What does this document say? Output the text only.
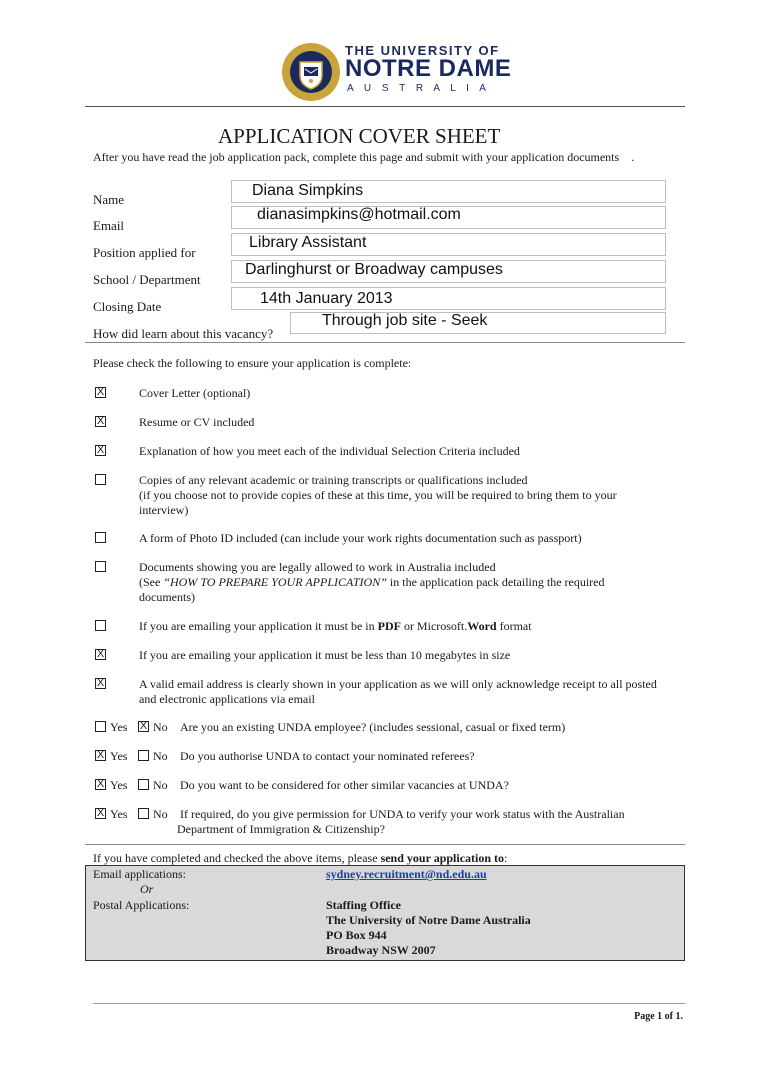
THE UNIVERSITY OF
NOTRE DAME
A U S T R A L I A
APPLICATION COVER SHEET
After you have read the job application pack, complete this page and submit with your application documents .
Name
Diana Simpkins
Email
dianasimpkins@hotmail.com
Position applied for
Library Assistant
School / Department
Darlinghurst or Broadway campuses
Closing Date	14th January 2013
How did learn about this vacancy?
Through job site - Seek
Please check the following to ensure your application is complete:
X	Cover Letter (optional)
X	Resume or CV included
X	Explanation of how you meet each of the individual Selection Criteria included
Copies of any relevant academic or training transcripts or qualifications included
(if you choose not to provide copies of these at this time, you will be required to bring them to your
interview)
A form of Photo ID included (can include your work rights documentation such as passport)
Documents showing you are legally allowed to work in Australia included
(See “HOW TO PREPARE YOUR APPLICATION” in the application pack detailing the required
documents)
If you are emailing your application it must be in PDF or Microsoft.Word format
X	If you are emailing your application it must be less than 10 megabytes in size
X	A valid email address is clearly shown in your application as we will only acknowledge receipt to all posted
and electronic applications via email
Yes X No Are you an existing UNDA employee? (includes sessional, casual or fixed term)
X Yes No Do you authorise UNDA to contact your nominated referees?
X Yes No Do you want to be considered for other similar vacancies at UNDA?
X Yes No If required, do you give permission for UNDA to verify your work status with the Australian
Department of Immigration & Citizenship?
If you have completed and checked the above items, please send your application to:
Email applications:	sydney.recruitment@nd.edu.au
Or
Postal Applications:	Staffing Office
The University of Notre Dame Australia
PO Box 944
Broadway NSW 2007
Page 1 of 1.
